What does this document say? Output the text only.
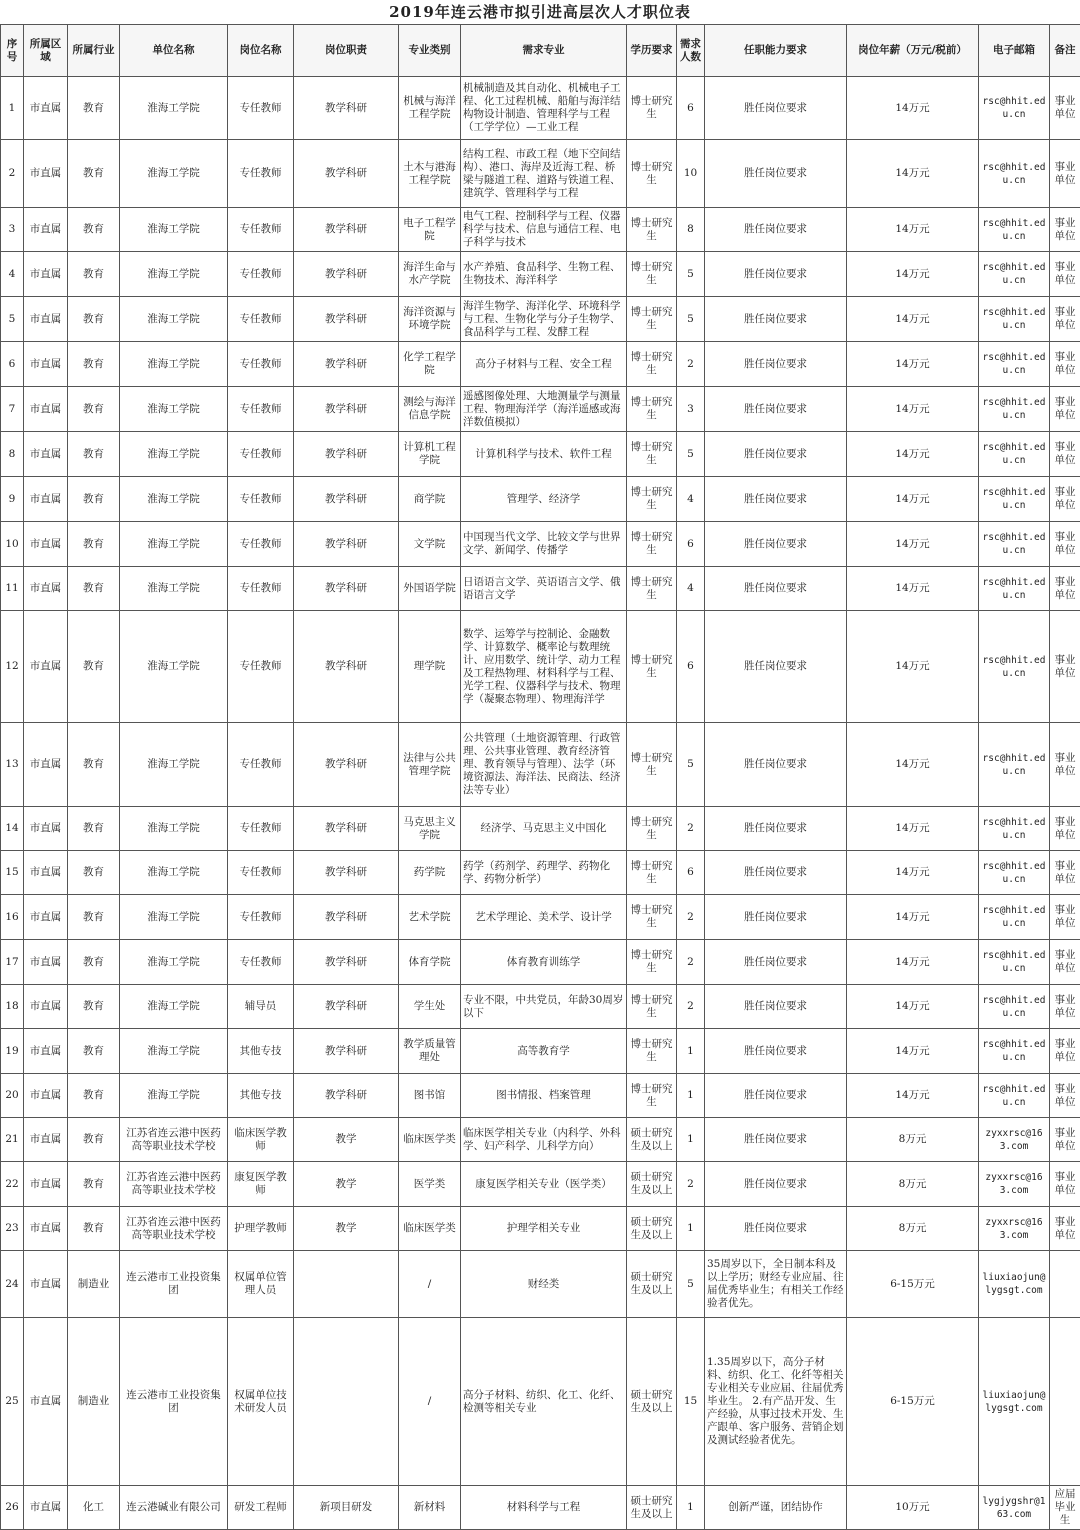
2019年连云港市拟引进高层次人才职位表
序号	所属区域	所属行业	单位名称	岗位名称	岗位职责	专业类别	需求专业	学历要求	需求人数	任职能力要求	岗位年薪（万元/税前）	电子邮箱	备注
1	市直属	教育	淮海工学院	专任教师	教学科研	机械与海洋工程学院	机械制造及其自动化、机械电子工程、化工过程机械、船舶与海洋结构物设计制造、管理科学与工程（工学学位）—工业工程	博士研究生	6	胜任岗位要求	14万元	rsc@hhit.edu.cn	事业单位
2	市直属	教育	淮海工学院	专任教师	教学科研	土木与港海工程学院	结构工程、市政工程（地下空间结构）、港口、海岸及近海工程、桥梁与隧道工程、道路与铁道工程、建筑学、管理科学与工程	博士研究生	10	胜任岗位要求	14万元	rsc@hhit.edu.cn	事业单位
3	市直属	教育	淮海工学院	专任教师	教学科研	电子工程学院	电气工程、控制科学与工程、仪器科学与技术、信息与通信工程、电子科学与技术	博士研究生	8	胜任岗位要求	14万元	rsc@hhit.edu.cn	事业单位
4	市直属	教育	淮海工学院	专任教师	教学科研	海洋生命与水产学院	水产养殖、食品科学、生物工程、生物技术、海洋科学	博士研究生	5	胜任岗位要求	14万元	rsc@hhit.edu.cn	事业单位
5	市直属	教育	淮海工学院	专任教师	教学科研	海洋资源与环境学院	海洋生物学、海洋化学、环境科学与工程、生物化学与分子生物学、食品科学与工程、发酵工程	博士研究生	5	胜任岗位要求	14万元	rsc@hhit.edu.cn	事业单位
6	市直属	教育	淮海工学院	专任教师	教学科研	化学工程学院	高分子材料与工程、安全工程	博士研究生	2	胜任岗位要求	14万元	rsc@hhit.edu.cn	事业单位
7	市直属	教育	淮海工学院	专任教师	教学科研	测绘与海洋信息学院	遥感图像处理、大地测量学与测量工程、物理海洋学（海洋遥感或海洋数值模拟）	博士研究生	3	胜任岗位要求	14万元	rsc@hhit.edu.cn	事业单位
8	市直属	教育	淮海工学院	专任教师	教学科研	计算机工程学院	计算机科学与技术、软件工程	博士研究生	5	胜任岗位要求	14万元	rsc@hhit.edu.cn	事业单位
9	市直属	教育	淮海工学院	专任教师	教学科研	商学院	管理学、经济学	博士研究生	4	胜任岗位要求	14万元	rsc@hhit.edu.cn	事业单位
10	市直属	教育	淮海工学院	专任教师	教学科研	文学院	中国现当代文学、比较文学与世界文学、新闻学、传播学	博士研究生	6	胜任岗位要求	14万元	rsc@hhit.edu.cn	事业单位
11	市直属	教育	淮海工学院	专任教师	教学科研	外国语学院	日语语言文学、英语语言文学、俄语语言文学	博士研究生	4	胜任岗位要求	14万元	rsc@hhit.edu.cn	事业单位
12	市直属	教育	淮海工学院	专任教师	教学科研	理学院	数学、运筹学与控制论、金融数学、计算数学、概率论与数理统计、应用数学、统计学、动力工程及工程热物理、材料科学与工程、光学工程、仪器科学与技术、物理学（凝聚态物理）、物理海洋学	博士研究生	6	胜任岗位要求	14万元	rsc@hhit.edu.cn	事业单位
13	市直属	教育	淮海工学院	专任教师	教学科研	法律与公共管理学院	公共管理（土地资源管理、行政管理、公共事业管理、教育经济管理、教育领导与管理）、法学（环境资源法、海洋法、民商法、经济法等专业）	博士研究生	5	胜任岗位要求	14万元	rsc@hhit.edu.cn	事业单位
14	市直属	教育	淮海工学院	专任教师	教学科研	马克思主义学院	经济学、马克思主义中国化	博士研究生	2	胜任岗位要求	14万元	rsc@hhit.edu.cn	事业单位
15	市直属	教育	淮海工学院	专任教师	教学科研	药学院	药学（药剂学、药理学、药物化学、药物分析学）	博士研究生	6	胜任岗位要求	14万元	rsc@hhit.edu.cn	事业单位
16	市直属	教育	淮海工学院	专任教师	教学科研	艺术学院	艺术学理论、美术学、设计学	博士研究生	2	胜任岗位要求	14万元	rsc@hhit.edu.cn	事业单位
17	市直属	教育	淮海工学院	专任教师	教学科研	体育学院	体育教育训练学	博士研究生	2	胜任岗位要求	14万元	rsc@hhit.edu.cn	事业单位
18	市直属	教育	淮海工学院	辅导员	教学科研	学生处	专业不限，中共党员，年龄30周岁以下	博士研究生	2	胜任岗位要求	14万元	rsc@hhit.edu.cn	事业单位
19	市直属	教育	淮海工学院	其他专技	教学科研	教学质量管理处	高等教育学	博士研究生	1	胜任岗位要求	14万元	rsc@hhit.edu.cn	事业单位
20	市直属	教育	淮海工学院	其他专技	教学科研	图书馆	图书情报、档案管理	博士研究生	1	胜任岗位要求	14万元	rsc@hhit.edu.cn	事业单位
21	市直属	教育	江苏省连云港中医药高等职业技术学校	临床医学教师	教学	临床医学类	临床医学相关专业（内科学、外科学、妇产科学、儿科学方向）	硕士研究生及以上	1	胜任岗位要求	8万元	zyxxrsc@163.com	事业单位
22	市直属	教育	江苏省连云港中医药高等职业技术学校	康复医学教师	教学	医学类	康复医学相关专业（医学类）	硕士研究生及以上	2	胜任岗位要求	8万元	zyxxrsc@163.com	事业单位
23	市直属	教育	江苏省连云港中医药高等职业技术学校	护理学教师	教学	临床医学类	护理学相关专业	硕士研究生及以上	1	胜任岗位要求	8万元	zyxxrsc@163.com	事业单位
24	市直属	制造业	连云港市工业投资集团	权属单位管理人员		/	财经类	硕士研究生及以上	5	35周岁以下，全日制本科及以上学历；财经专业应届、往届优秀毕业生；有相关工作经验者优先。	6-15万元	liuxiaojun@lygsgt.com	
25	市直属	制造业	连云港市工业投资集团	权属单位技术研发人员		/	高分子材料、纺织、化工、化纤、检测等相关专业	硕士研究生及以上	15	1.35周岁以下，高分子材料、纺织、化工、化纤等相关专业相关专业应届、往届优秀毕业生。 2.有产品开发、生产经验，从事过技术开发、生产跟单、客户服务、营销企划及测试经验者优先。	6-15万元	liuxiaojun@lygsgt.com	
26	市直属	化工	连云港碱业有限公司	研发工程师	新项目研发	新材料	材料科学与工程	硕士研究生及以上	1	创新严谨，团结协作	10万元	lygjygshr@163.com	应届毕业生
